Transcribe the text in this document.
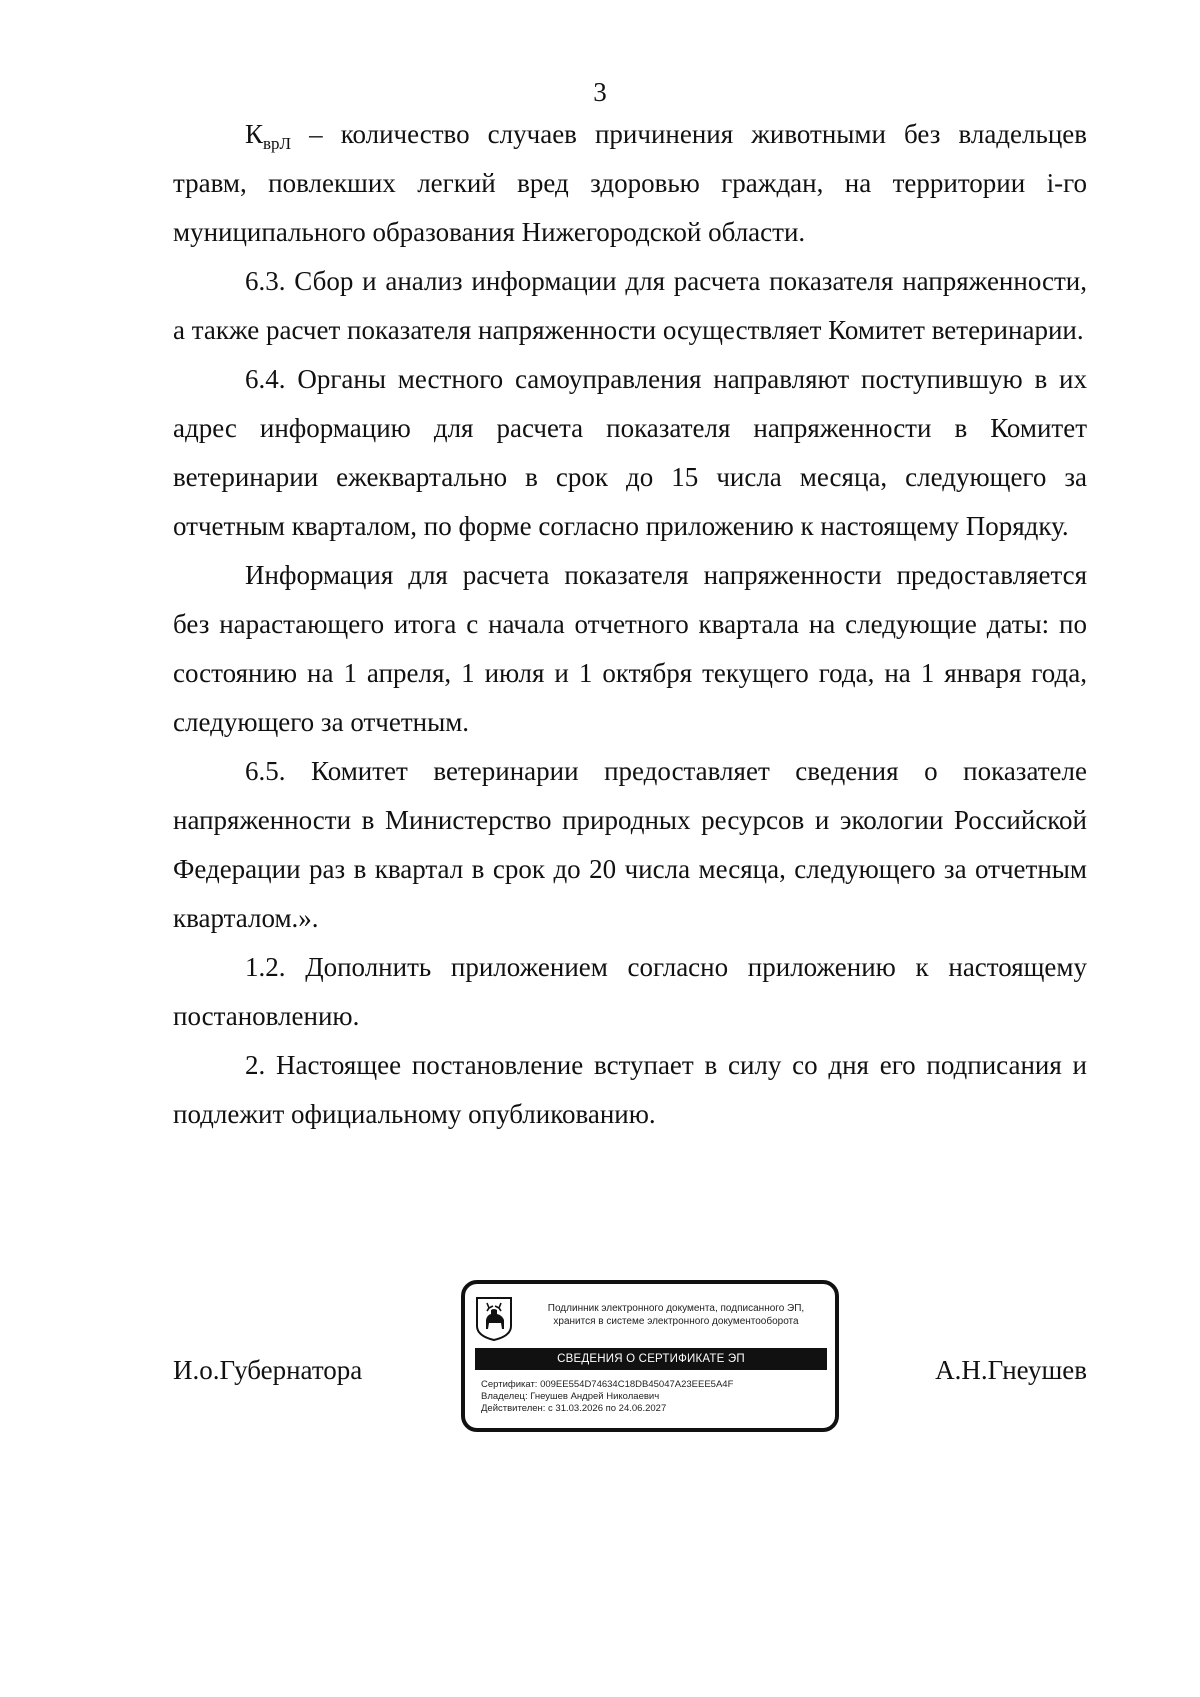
3

$К_{врЛ}$ – количество случаев причинения животными без владельцев травм, повлекших легкий вред здоровью граждан, на территории i-го муниципального образования Нижегородской области.

6.3. Сбор и анализ информации для расчета показателя напряженности, а также расчет показателя напряженности осуществляет Комитет ветеринарии.

6.4. Органы местного самоуправления направляют поступившую в их адрес информацию для расчета показателя напряженности в Комитет ветеринарии ежеквартально в срок до 15 числа месяца, следующего за отчетным кварталом, по форме согласно приложению к настоящему Порядку.

Информация для расчета показателя напряженности предоставляется без нарастающего итога с начала отчетного квартала на следующие даты: по состоянию на 1 апреля, 1 июля и 1 октября текущего года, на 1 января года, следующего за отчетным.

6.5. Комитет ветеринарии предоставляет сведения о показателе напряженности в Министерство природных ресурсов и экологии Российской Федерации раз в квартал в срок до 20 числа месяца, следующего за отчетным кварталом.».

1.2. Дополнить приложением согласно приложению к настоящему постановлению.

2. Настоящее постановление вступает в силу со дня его подписания и подлежит официальному опубликованию.

И.о.Губернатора
Подлинник электронного документа, подписанного ЭП,
хранится в системе электронного документооборота
СВЕДЕНИЯ О СЕРТИФИКАТЕ ЭП
Сертификат: 009EE554D74634C18DB45047A23EEE5A4F
Владелец: Гнеушев Андрей Николаевич
Действителен: с 31.03.2026 по 24.06.2027
А.Н.Гнеушев
